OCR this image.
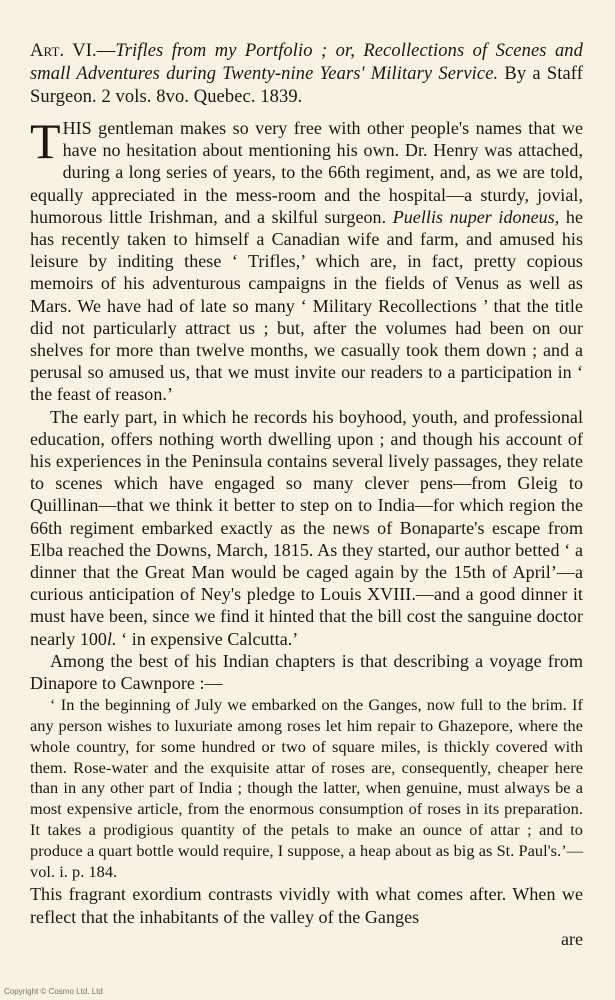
Art. VI.—Trifles from my Portfolio ; or, Recollections of Scenes and small Adventures during Twenty-nine Years' Military Service. By a Staff Surgeon. 2 vols. 8vo. Quebec. 1839.

THIS gentleman makes so very free with other people's names that we have no hesitation about mentioning his own. Dr. Henry was attached, during a long series of years, to the 66th regiment, and, as we are told, equally appreciated in the mess-room and the hospital—a sturdy, jovial, humorous little Irishman, and a skilful surgeon. Puellis nuper idoneus, he has recently taken to himself a Canadian wife and farm, and amused his leisure by inditing these ‘ Trifles,’ which are, in fact, pretty copious memoirs of his adventurous campaigns in the fields of Venus as well as Mars. We have had of late so many ‘ Military Recollections ’ that the title did not particularly attract us ; but, after the volumes had been on our shelves for more than twelve months, we casually took them down ; and a perusal so amused us, that we must invite our readers to a participation in ‘ the feast of reason.’

The early part, in which he records his boyhood, youth, and professional education, offers nothing worth dwelling upon ; and though his account of his experiences in the Peninsula contains several lively passages, they relate to scenes which have engaged so many clever pens—from Gleig to Quillinan—that we think it better to step on to India—for which region the 66th regiment embarked exactly as the news of Bonaparte's escape from Elba reached the Downs, March, 1815. As they started, our author betted ‘ a dinner that the Great Man would be caged again by the 15th of April’—a curious anticipation of Ney's pledge to Louis XVIII.—and a good dinner it must have been, since we find it hinted that the bill cost the sanguine doctor nearly 100l. ‘ in expensive Calcutta.’

Among the best of his Indian chapters is that describing a voyage from Dinapore to Cawnpore :—

‘ In the beginning of July we embarked on the Ganges, now full to the brim. If any person wishes to luxuriate among roses let him repair to Ghazepore, where the whole country, for some hundred or two of square miles, is thickly covered with them. Rose-water and the exquisite attar of roses are, consequently, cheaper here than in any other part of India ; though the latter, when genuine, must always be a most expensive article, from the enormous consumption of roses in its preparation. It takes a prodigious quantity of the petals to make an ounce of attar ; and to produce a quart bottle would require, I suppose, a heap about as big as St. Paul's.’—vol. i. p. 184.

This fragrant exordium contrasts vividly with what comes after. When we reflect that the inhabitants of the valley of the Ganges

are
Copyright © Cosmo Ltd. Ltd
